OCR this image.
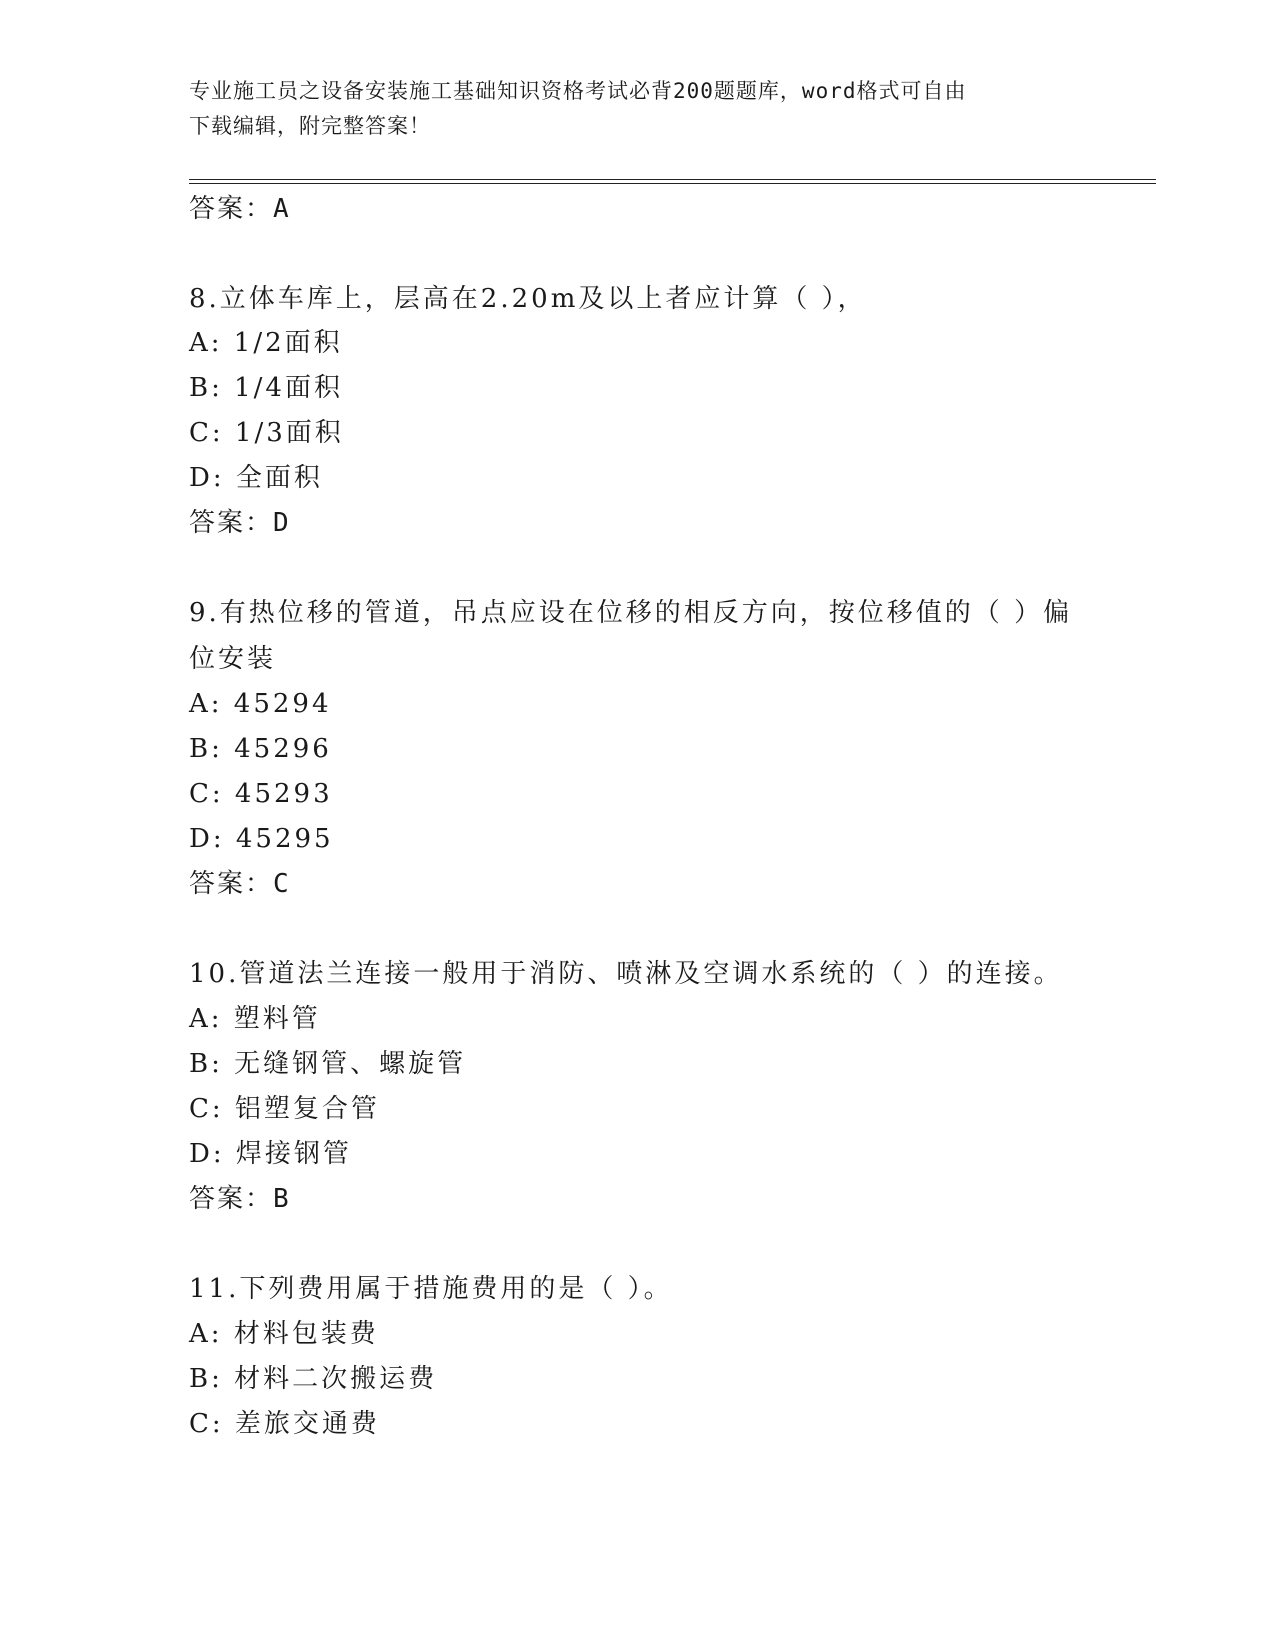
专业施工员之设备安装施工基础知识资格考试必背200题题库，word格式可自由
下载编辑，附完整答案！
答案：A
8.立体车库上，层高在2.20m及以上者应计算（ ），
A: 1/2面积
B: 1/4面积
C: 1/3面积
D: 全面积
答案：D
9.有热位移的管道，吊点应设在位移的相反方向，按位移值的（ ）偏
位安装
A: 45294
B: 45296
C: 45293
D: 45295
答案：C
10.管道法兰连接一般用于消防、喷淋及空调水系统的（ ）的连接。
A: 塑料管
B: 无缝钢管、螺旋管
C: 铝塑复合管
D: 焊接钢管
答案：B
11.下列费用属于措施费用的是（ ）。
A: 材料包装费
B: 材料二次搬运费
C: 差旅交通费
